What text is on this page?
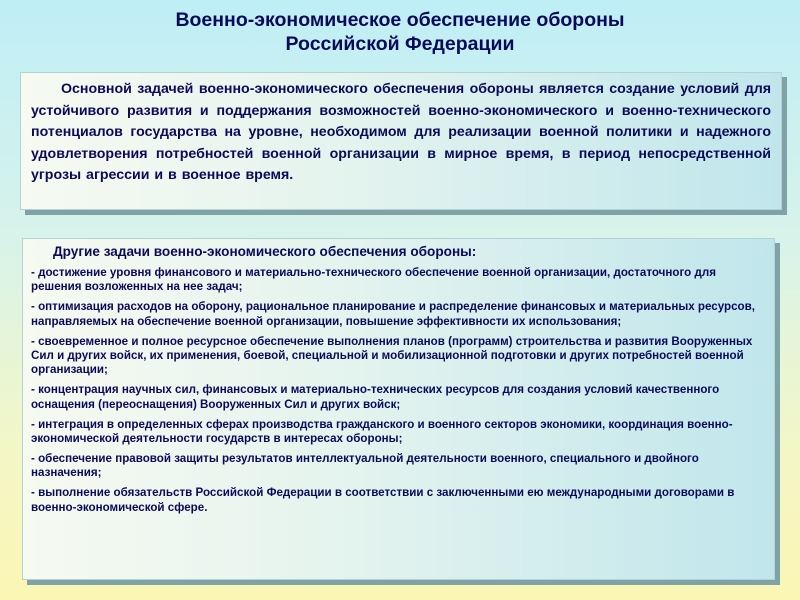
Военно-экономическое обеспечение обороны
Российской Федерации

Основной задачей военно-экономического обеспечения обороны является создание условий для устойчивого развития и поддержания возможностей военно-экономического и военно-технического потенциалов государства на уровне, необходимом для реализации военной политики и надежного удовлетворения потребностей военной организации в мирное время, в период непосредственной угрозы агрессии и в военное время.

Другие задачи военно-экономического обеспечения обороны:

- достижение уровня финансового и материально-технического обеспечение военной организации, достаточного для решения возложенных на нее задач;
- оптимизация расходов на оборону, рациональное планирование и распределение финансовых и материальных ресурсов, направляемых на обеспечение военной организации, повышение эффективности их использования;
- своевременное и полное ресурсное обеспечение выполнения планов (программ) строительства и развития Вооруженных Сил и других войск, их применения, боевой, специальной и мобилизационной подготовки и других потребностей военной организации;
- концентрация научных сил, финансовых и материально-технических ресурсов для создания условий качественного оснащения (переоснащения) Вооруженных Сил и других войск;
- интеграция в определенных сферах производства гражданского и военного секторов экономики, координация военно-экономической деятельности государств в интересах обороны;
- обеспечение правовой защиты результатов интеллектуальной деятельности военного, специального и двойного назначения;
- выполнение обязательств Российской Федерации в соответствии с заключенными ею международными договорами в военно-экономической сфере.
